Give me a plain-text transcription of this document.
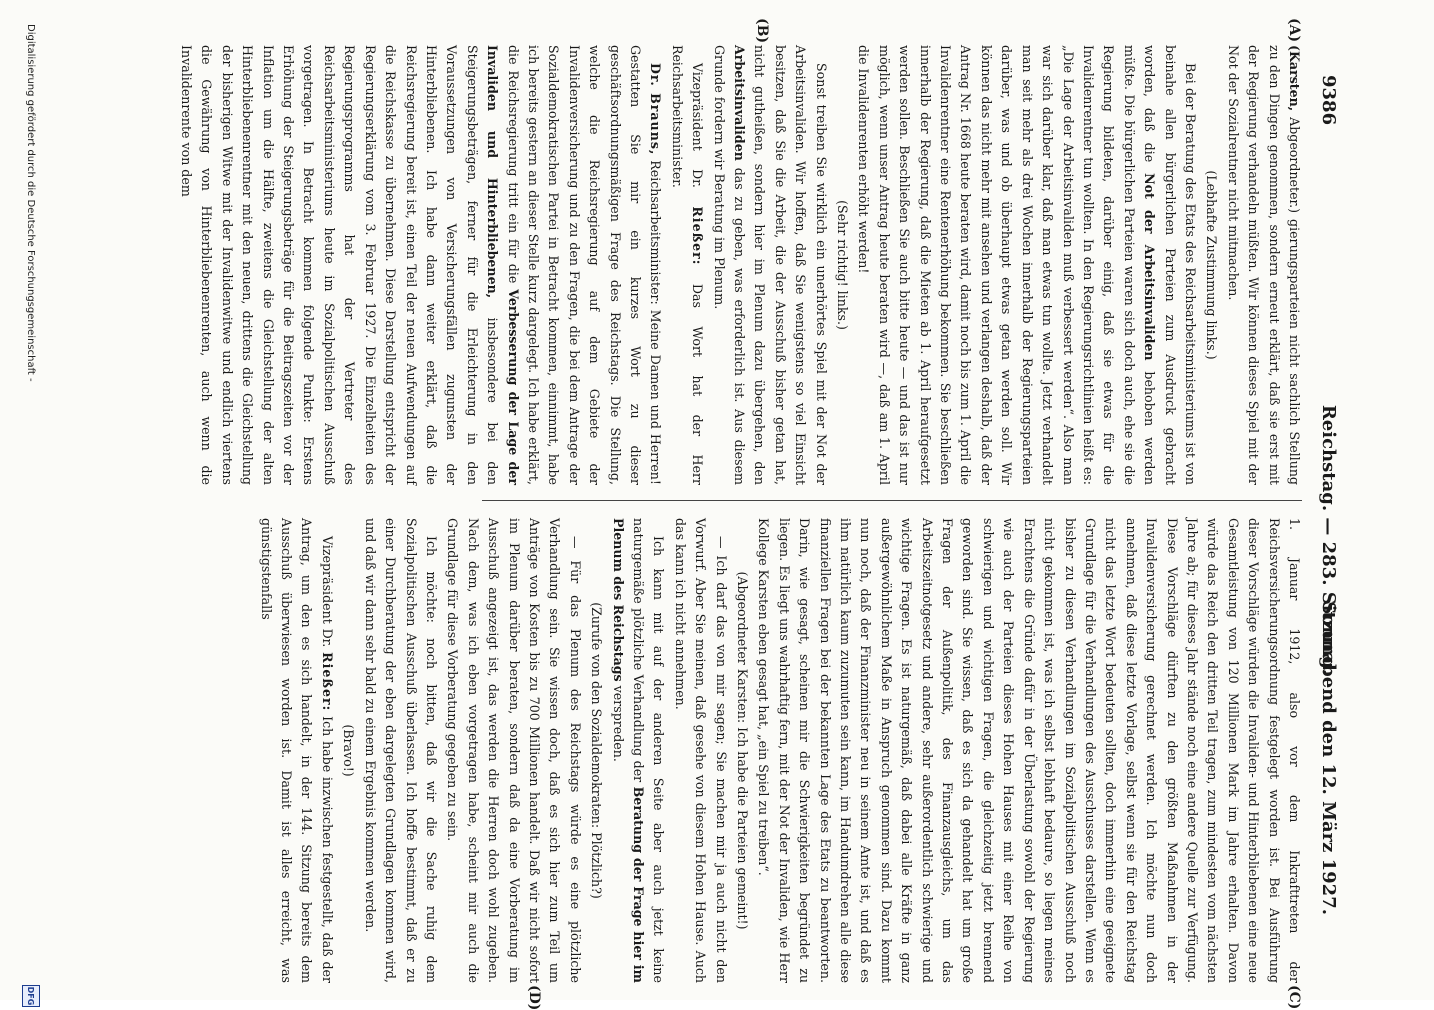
9386
Reichstag. — 283. Sitzung.
Sonnabend den 12. März 1927.
(A)
(B)
(C)
(D)

(Karsten, Abgeordneter.) gierungsparteien nicht sachlich Stellung zu den Dingen genommen, sondern erneut erklärt, daß sie erst mit der Regierung verhandeln müßten. Wir können dieses Spiel mit der Not der Sozialrentner nicht mitmachen.

(Lebhafte Zustimmung links.)

Bei der Beratung des Etats des Reichsarbeitsministeriums ist von beinahe allen bürgerlichen Parteien zum Ausdruck gebracht worden, daß die Not der Arbeitsinvaliden behoben werden müßte. Die bürgerlichen Parteien waren sich doch auch, ehe sie die Regierung bildeten, darüber einig, daß sie etwas für die Invalidenrentner tun wollten. In den Regierungsrichtlinien heißt es: „Die Lage der Arbeitsinvaliden muß verbessert werden“. Also man war sich darüber klar, daß man etwas tun wollte. Jetzt verhandelt man seit mehr als drei Wochen innerhalb der Regierungsparteien darüber, was und ob überhaupt etwas getan werden soll. Wir können das nicht mehr mit ansehen und verlangen deshalb, daß der Antrag Nr. 1668 heute beraten wird, damit noch bis zum 1. April die Invalidenrentner eine Rentenerhöhung bekommen. Sie beschließen innerhalb der Regierung, daß die Mieten ab 1. April heraufgesetzt werden sollen. Beschließen Sie auch bitte heute — und das ist nur möglich, wenn unser Antrag heute beraten wird —, daß am 1. April die Invalidenrenten erhöht werden!

(Sehr richtig! links.)

Sonst treiben Sie wirklich ein unerhörtes Spiel mit der Not der Arbeitsinvaliden. Wir hoffen, daß Sie wenigstens so viel Einsicht besitzen, daß Sie die Arbeit, die der Ausschuß bisher getan hat, nicht gutheißen, sondern hier im Plenum dazu übergehen, den Arbeitsinvaliden das zu geben, was erforderlich ist. Aus diesem Grunde fordern wir Beratung im Plenum.

Vizepräsident Dr. Rießer: Das Wort hat der Herr Reichsarbeitsminister.

Dr. Brauns, Reichsarbeitsminister: Meine Damen und Herren! Gestatten Sie mir ein kurzes Wort zu dieser geschäftsordnungsmäßigen Frage des Reichstags. Die Stellung, welche die Reichsregierung auf dem Gebiete der Invalidenversicherung und zu den Fragen, die bei dem Antrage der Sozialdemokratischen Partei in Betracht kommen, einnimmt, habe ich bereits gestern an dieser Stelle kurz dargelegt. Ich habe erklärt, die Reichsregierung tritt ein für die Verbesserung der Lage der Invaliden und Hinterbliebenen, insbesondere bei den Steigerungsbeträgen, ferner für die Erleichterung in den Voraussetzungen von Versicherungsfällen zugunsten der Hinterbliebenen. Ich habe dann weiter erklärt, daß die Reichsregierung bereit ist, einen Teil der neuen Aufwendungen auf die Reichskasse zu übernehmen. Diese Darstellung entspricht der Regierungserklärung vom 3. Februar 1927. Die Einzelheiten des Regierungsprogramms hat der Vertreter des Reichsarbeitsministeriums heute im Sozialpolitischen Ausschuß vorgetragen. In Betracht kommen folgende Punkte: Erstens Erhöhung der Steigerungsbeträge für die Beitragszeiten vor der Inflation um die Hälfte, zweitens die Gleichstellung der alten Hinterbliebenenrentner mit den neuen, drittens die Gleichstellung der bisherigen Witwe mit der Invalidenwitwe und endlich viertens die Gewährung von Hinterbliebenenrenten, auch wenn die Invalidenrente von dem

1. Januar 1912, also vor dem Inkrafttreten der Reichsversicherungsordnung festgelegt worden ist. Bei Ausführung dieser Vorschläge würden die Invaliden- und Hinterbliebenen eine neue Gesamtleistung von 120 Millionen Mark im Jahre erhalten. Davon würde das Reich den dritten Teil tragen, zum mindesten vom nächsten Jahre ab; für dieses Jahr stände noch eine andere Quelle zur Verfügung. Diese Vorschläge dürften zu den größten Maßnahmen in der Invalidenversicherung gerechnet werden. Ich möchte nun doch annehmen, daß diese letzte Vorlage, selbst wenn sie für den Reichstag nicht das letzte Wort bedeuten sollten, doch immerhin eine geeignete Grundlage für die Verhandlungen des Ausschusses darstellen. Wenn es bisher zu diesen Verhandlungen im Sozialpolitischen Ausschuß noch nicht gekommen ist, was ich selbst lebhaft bedaure, so liegen meines Erachtens die Gründe dafür in der Überlastung sowohl der Regierung wie auch der Parteien dieses Hohen Hauses mit einer Reihe von schwierigen und wichtigen Fragen, die gleichzeitig jetzt brennend geworden sind. Sie wissen, daß es sich da gehandelt hat um große Fragen der Außenpolitik, des Finanzausgleichs, um das Arbeitszeitnotgesetz und andere, sehr außerordentlich schwierige und wichtige Fragen. Es ist naturgemäß, daß dabei alle Kräfte in ganz außergewöhnlichem Maße in Anspruch genommen sind. Dazu kommt nun noch, daß der Finanzminister neu in seinem Amte ist, und daß es ihm natürlich kaum zuzumuten sein kann, im Handumdrehen alle diese finanziellen Fragen bei der bekannten Lage des Etats zu beantworten. Darin, wie gesagt, scheinen mir die Schwierigkeiten begründet zu liegen. Es liegt uns wahrhaftig fern, mit der Not der Invaliden, wie Herr Kollege Karsten eben gesagt hat, „ein Spiel zu treiben“.

(Abgeordneter Karsten: Ich habe die Parteien gemeint!)

— Ich darf das von mir sagen; Sie machen mir ja auch nicht den Vorwurf. Aber Sie meinen, daß gesehe von diesem Hohen Hause. Auch das kann ich nicht annehmen.

Ich kann mit auf der anderen Seite aber auch jetzt keine naturgemäße plötzliche Verhandlung der Beratung der Frage hier im Plenum des Reichstags verspreden.

(Zurufe von den Sozialdemokraten: Plötzlich?)

— Für das Plenum des Reichstags würde es eine plötzliche Verhandlung sein. Sie wissen doch, daß es sich hier zum Teil um Anträge von Kosten bis zu 700 Millionen handelt. Daß wir nicht sofort im Plenum darüber beraten, sondern daß da eine Vorberatung im Ausschuß angezeigt ist, das werden die Herren doch wohl zugeben. Nach dem, was ich eben vorgetragen habe, scheint mir auch die Grundlage für diese Vorberatung gegeben zu sein.

Ich möchte: noch bitten, daß wir die Sache ruhig dem Sozialpolitischen Ausschuß überlassen. Ich hoffe bestimmt, daß er zu einer Durchberatung der eben dargelegten Grundlagen kommen wird, und daß wir dann sehr bald zu einem Ergebnis kommen werden.

(Bravo!)

Vizepräsident Dr. Rießer: Ich habe inzwischen festgestellt, daß der Antrag, um den es sich handelt, in der 144. Sitzung bereits dem Ausschuß überwiesen worden ist. Damit ist alles erreicht, was günstigstenfalls

Digitalisierung gefördert durch die Deutsche Forschungsgemeinschaft -
DFG
